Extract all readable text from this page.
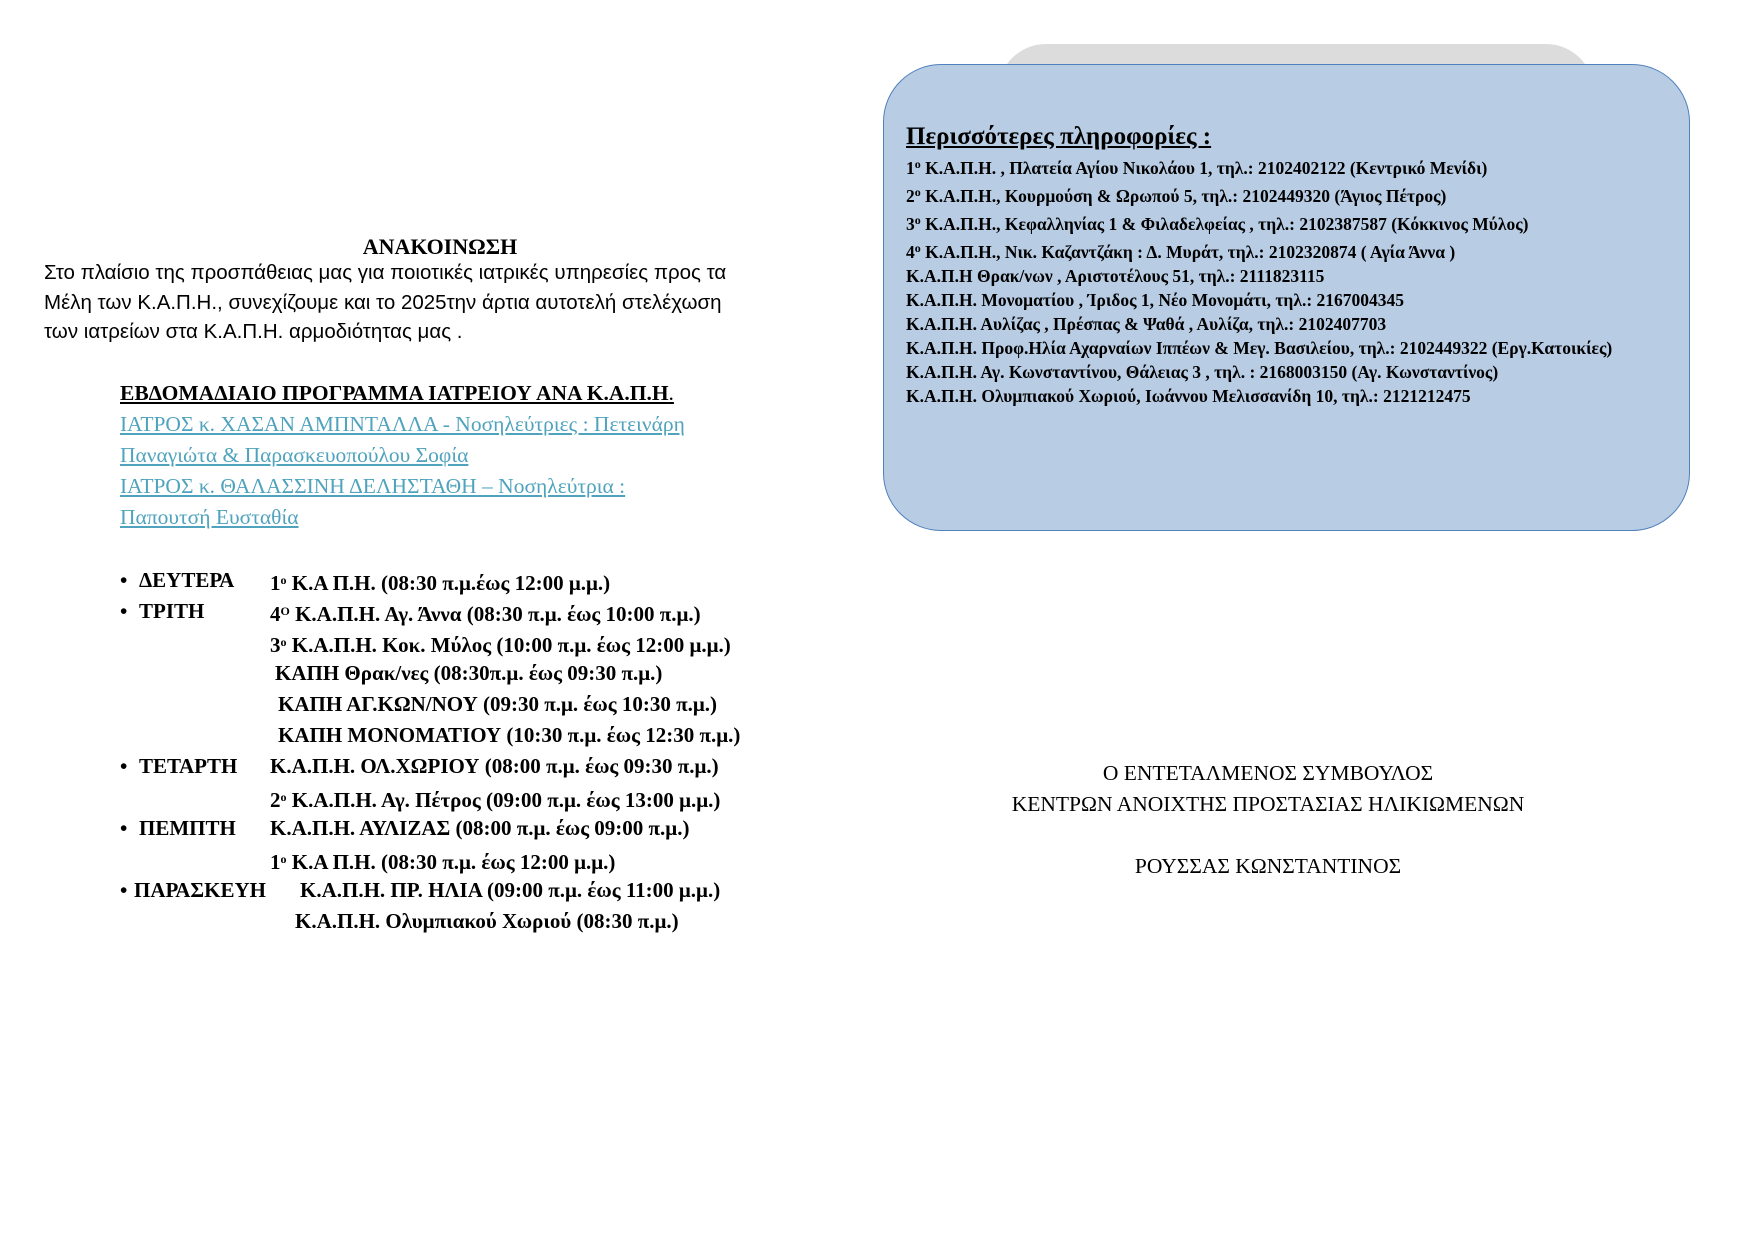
ΑΝΑΚΟΙΝΩΣΗ
Στο πλαίσιο της προσπάθειας μας για ποιοτικές ιατρικές υπηρεσίες προς τα
Μέλη των Κ.Α.Π.Η., συνεχίζουμε και το 2025την άρτια αυτοτελή στελέχωση
των ιατρείων στα Κ.Α.Π.Η. αρμοδιότητας μας .
ΕΒΔΟΜΑΔΙΑΙΟ ΠΡΟΓΡΑΜΜΑ ΙΑΤΡΕΙΟΥ ΑΝΑ Κ.Α.Π.Η.
ΙΑΤΡΟΣ κ. ΧΑΣΑΝ ΑΜΠΝΤΑΛΛΑ - Νοσηλεύτριες : Πετεινάρη
Παναγιώτα & Παρασκευοπούλου Σοφία
ΙΑΤΡΟΣ κ. ΘΑΛΑΣΣΙΝΗ ΔΕΛΗΣΤΑΘΗ – Νοσηλεύτρια :
Παπουτσή Ευσταθία
• ΔΕΥΤΕΡΑ $1^o$ Κ.Α Π.Η. (08:30 π.μ.έως 12:00 μ.μ.)
• ΤΡΙΤΗ	$4^O$ Κ.Α.Π.Η. Αγ. Άννα (08:30 π.μ. έως 10:00 π.μ.)
$3^o$ Κ.Α.Π.Η. Κοκ. Μύλος (10:00 π.μ. έως 12:00 μ.μ.)
ΚΑΠΗ Θρακ/νες (08:30π.μ. έως 09:30 π.μ.)
ΚΑΠΗ ΑΓ.ΚΩΝ/ΝΟΥ (09:30 π.μ. έως 10:30 π.μ.)
ΚΑΠΗ ΜΟΝΟΜΑΤΙΟΥ (10:30 π.μ. έως 12:30 π.μ.)
• ΤΕΤΑΡΤΗ Κ.Α.Π.Η. ΟΛ.ΧΩΡΙΟΥ (08:00 π.μ. έως 09:30 π.μ.)
$2^o$ Κ.Α.Π.Η. Αγ. Πέτρος (09:00 π.μ. έως 13:00 μ.μ.)
• ΠΕΜΠΤΗ Κ.Α.Π.Η. ΑΥΛΙΖΑΣ (08:00 π.μ. έως 09:00 π.μ.)
$1^o$ Κ.Α Π.Η. (08:30 π.μ. έως 12:00 μ.μ.)
• ΠΑΡΑΣΚΕΥΗ Κ.Α.Π.Η. ΠΡ. ΗΛΙΑ (09:00 π.μ. έως 11:00 μ.μ.)
Κ.Α.Π.Η. Ολυμπιακού Χωριού (08:30 π.μ.)
Περισσότερες πληροφορίες :
$1^o$ Κ.Α.Π.Η. , Πλατεία Αγίου Νικολάου 1, τηλ.: 2102402122 (Κεντρικό Μενίδι)
$2^o$ Κ.Α.Π.Η., Κουρμούση & Ωρωπού 5, τηλ.: 2102449320 (Άγιος Πέτρος)
$3^o$ Κ.Α.Π.Η., Κεφαλληνίας 1 & Φιλαδελφείας , τηλ.: 2102387587 (Κόκκινος Μύλος)
$4^o$ Κ.Α.Π.Η., Νικ. Καζαντζάκη : Δ. Μυράτ, τηλ.: 2102320874 ( Αγία Άννα )
Κ.Α.Π.Η Θρακ/νων , Αριστοτέλους 51, τηλ.: 2111823115
Κ.Α.Π.Η. Μονοματίου , Ίριδος 1, Νέο Μονομάτι, τηλ.: 2167004345
Κ.Α.Π.Η. Αυλίζας , Πρέσπας & Ψαθά , Αυλίζα, τηλ.: 2102407703
Κ.Α.Π.Η. Προφ.Ηλία Αχαρναίων Ιππέων & Μεγ. Βασιλείου, τηλ.: 2102449322 (Εργ.Κατοικίες)
Κ.Α.Π.Η. Αγ. Κωνσταντίνου, Θάλειας 3 , τηλ. : 2168003150 (Αγ. Κωνσταντίνος)
Κ.Α.Π.Η. Ολυμπιακού Χωριού, Ιωάννου Μελισσανίδη 10, τηλ.: 2121212475
Ο ΕΝΤΕΤΑΛΜΕΝΟΣ ΣΥΜΒΟΥΛΟΣ
ΚΕΝΤΡΩΝ ΑΝΟΙΧΤΗΣ ΠΡΟΣΤΑΣΙΑΣ ΗΛΙΚΙΩΜΕΝΩΝ
ΡΟΥΣΣΑΣ ΚΩΝΣΤΑΝΤΙΝΟΣ
